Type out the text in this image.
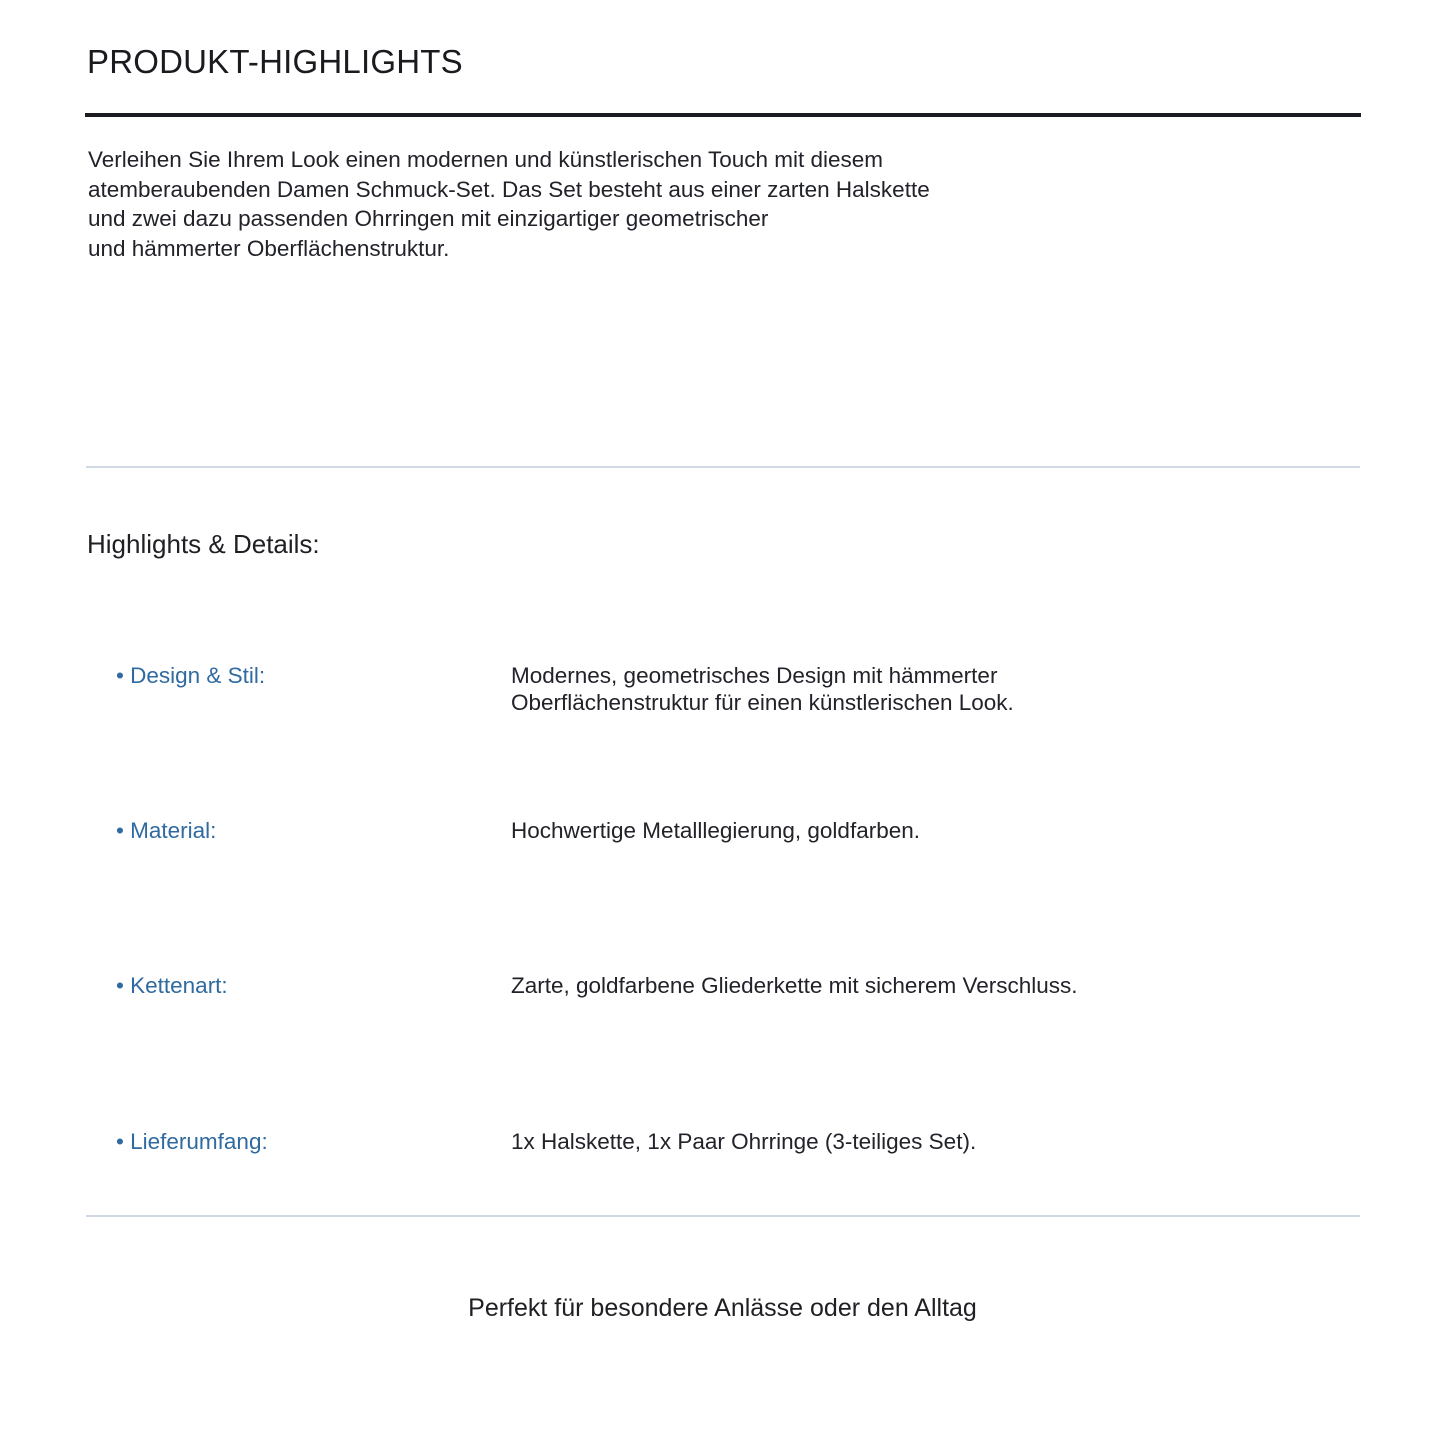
PRODUKT-HIGHLIGHTS

Verleihen Sie Ihrem Look einen modernen und künstlerischen Touch mit diesem
atemberaubenden Damen Schmuck-Set. Das Set besteht aus einer zarten Halskette
und zwei dazu passenden Ohrringen mit einzigartiger geometrischer
und hämmerter Oberflächenstruktur.

Highlights & Details:
• Design & Stil:	Modernes, geometrisches Design mit hämmerter
Oberflächenstruktur für einen künstlerischen Look.
• Material:	Hochwertige Metalllegierung, goldfarben.
• Kettenart:	Zarte, goldfarbene Gliederkette mit sicherem Verschluss.
• Lieferumfang:	1x Halskette, 1x Paar Ohrringe (3-teiliges Set).
Perfekt für besondere Anlässe oder den Alltag
